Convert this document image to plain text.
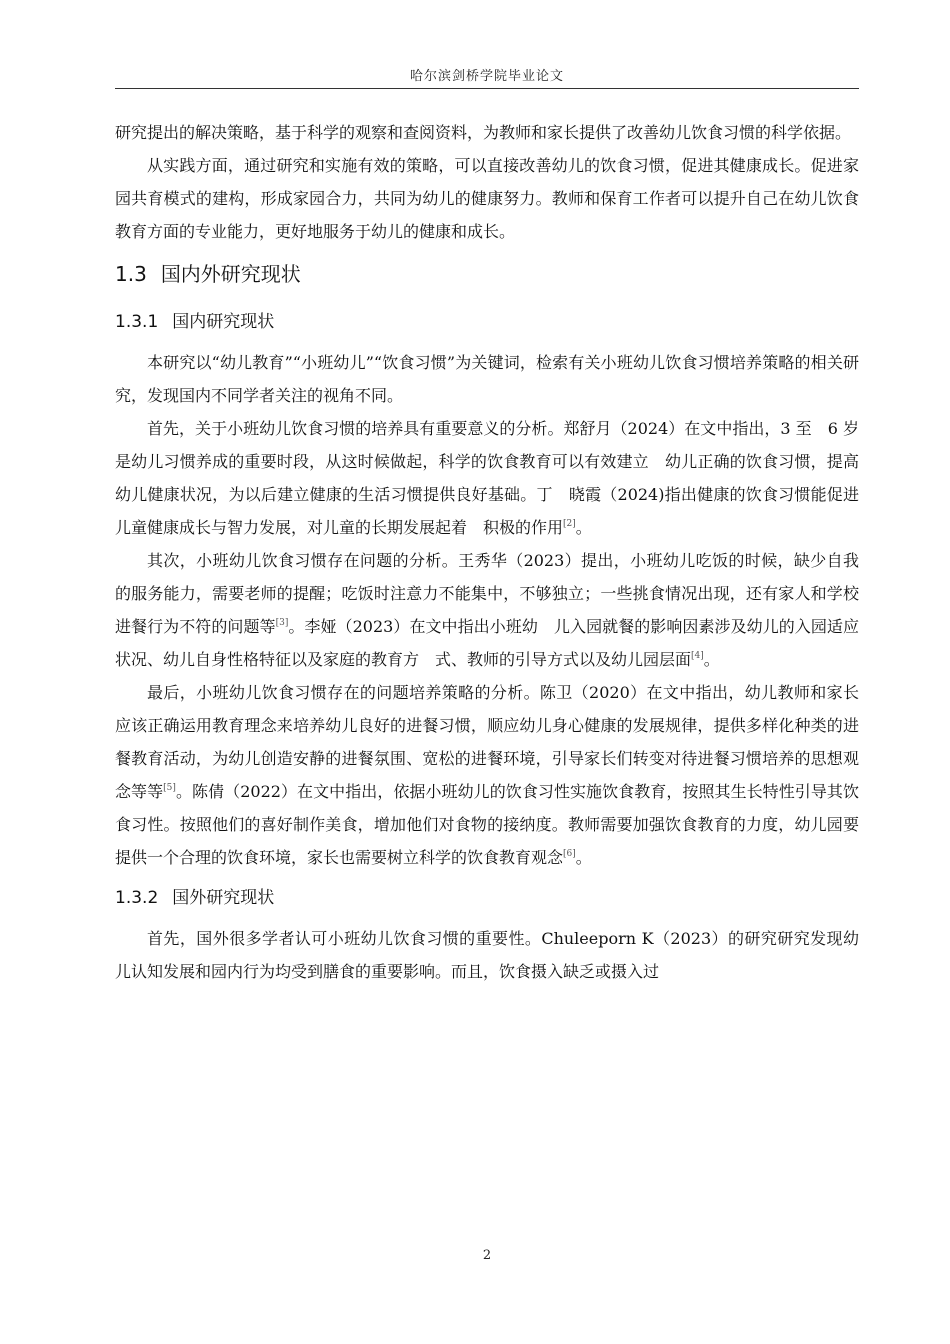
哈尔滨剑桥学院毕业论文

研究提出的解决策略，基于科学的观察和查阅资料，为教师和家长提供了改善幼儿饮食习惯的科学依据。

从实践方面，通过研究和实施有效的策略，可以直接改善幼儿的饮食习惯，促进其健康成长。促进家园共育模式的建构，形成家园合力，共同为幼儿的健康努力。教师和保育工作者可以提升自己在幼儿饮食教育方面的专业能力，更好地服务于幼儿的健康和成长。

1.3 国内外研究现状
1.3.1 国内研究现状

本研究以“幼儿教育”“小班幼儿”“饮食习惯”为关键词，检索有关小班幼儿饮食习惯培养策略的相关研究，发现国内不同学者关注的视角不同。

首先，关于小班幼儿饮食习惯的培养具有重要意义的分析。郑舒月（2024）在文中指出，3 至　6 岁是幼儿习惯养成的重要时段，从这时候做起，科学的饮食教育可以有效建立　幼儿正确的饮食习惯，提高幼儿健康状况，为以后建立健康的生活习惯提供良好基础。丁　晓霞（2024)指出健康的饮食习惯能促进儿童健康成长与智力发展，对儿童的长期发展起着　积极的作用[2]。

其次，小班幼儿饮食习惯存在问题的分析。王秀华（2023）提出，小班幼儿吃饭的时候，缺少自我的服务能力，需要老师的提醒；吃饭时注意力不能集中，不够独立；一些挑食情况出现，还有家人和学校进餐行为不符的问题等[3]。李娅（2023）在文中指出小班幼　儿入园就餐的影响因素涉及幼儿的入园适应状况、幼儿自身性格特征以及家庭的教育方　式、教师的引导方式以及幼儿园层面[4]。

最后，小班幼儿饮食习惯存在的问题培养策略的分析。陈卫（2020）在文中指出，幼儿教师和家长应该正确运用教育理念来培养幼儿良好的进餐习惯，顺应幼儿身心健康的发展规律，提供多样化种类的进餐教育活动，为幼儿创造安静的进餐氛围、宽松的进餐环境，引导家长们转变对待进餐习惯培养的思想观念等等[5]。陈倩（2022）在文中指出，依据小班幼儿的饮食习性实施饮食教育，按照其生长特性引导其饮食习性。按照他们的喜好制作美食，增加他们对食物的接纳度。教师需要加强饮食教育的力度，幼儿园要提供一个合理的饮食环境，家长也需要树立科学的饮食教育观念[6]。

1.3.2 国外研究现状

首先，国外很多学者认可小班幼儿饮食习惯的重要性。Chuleeporn K（2023）的研究研究发现幼儿认知发展和园内行为均受到膳食的重要影响。而且，饮食摄入缺乏或摄入过

2
